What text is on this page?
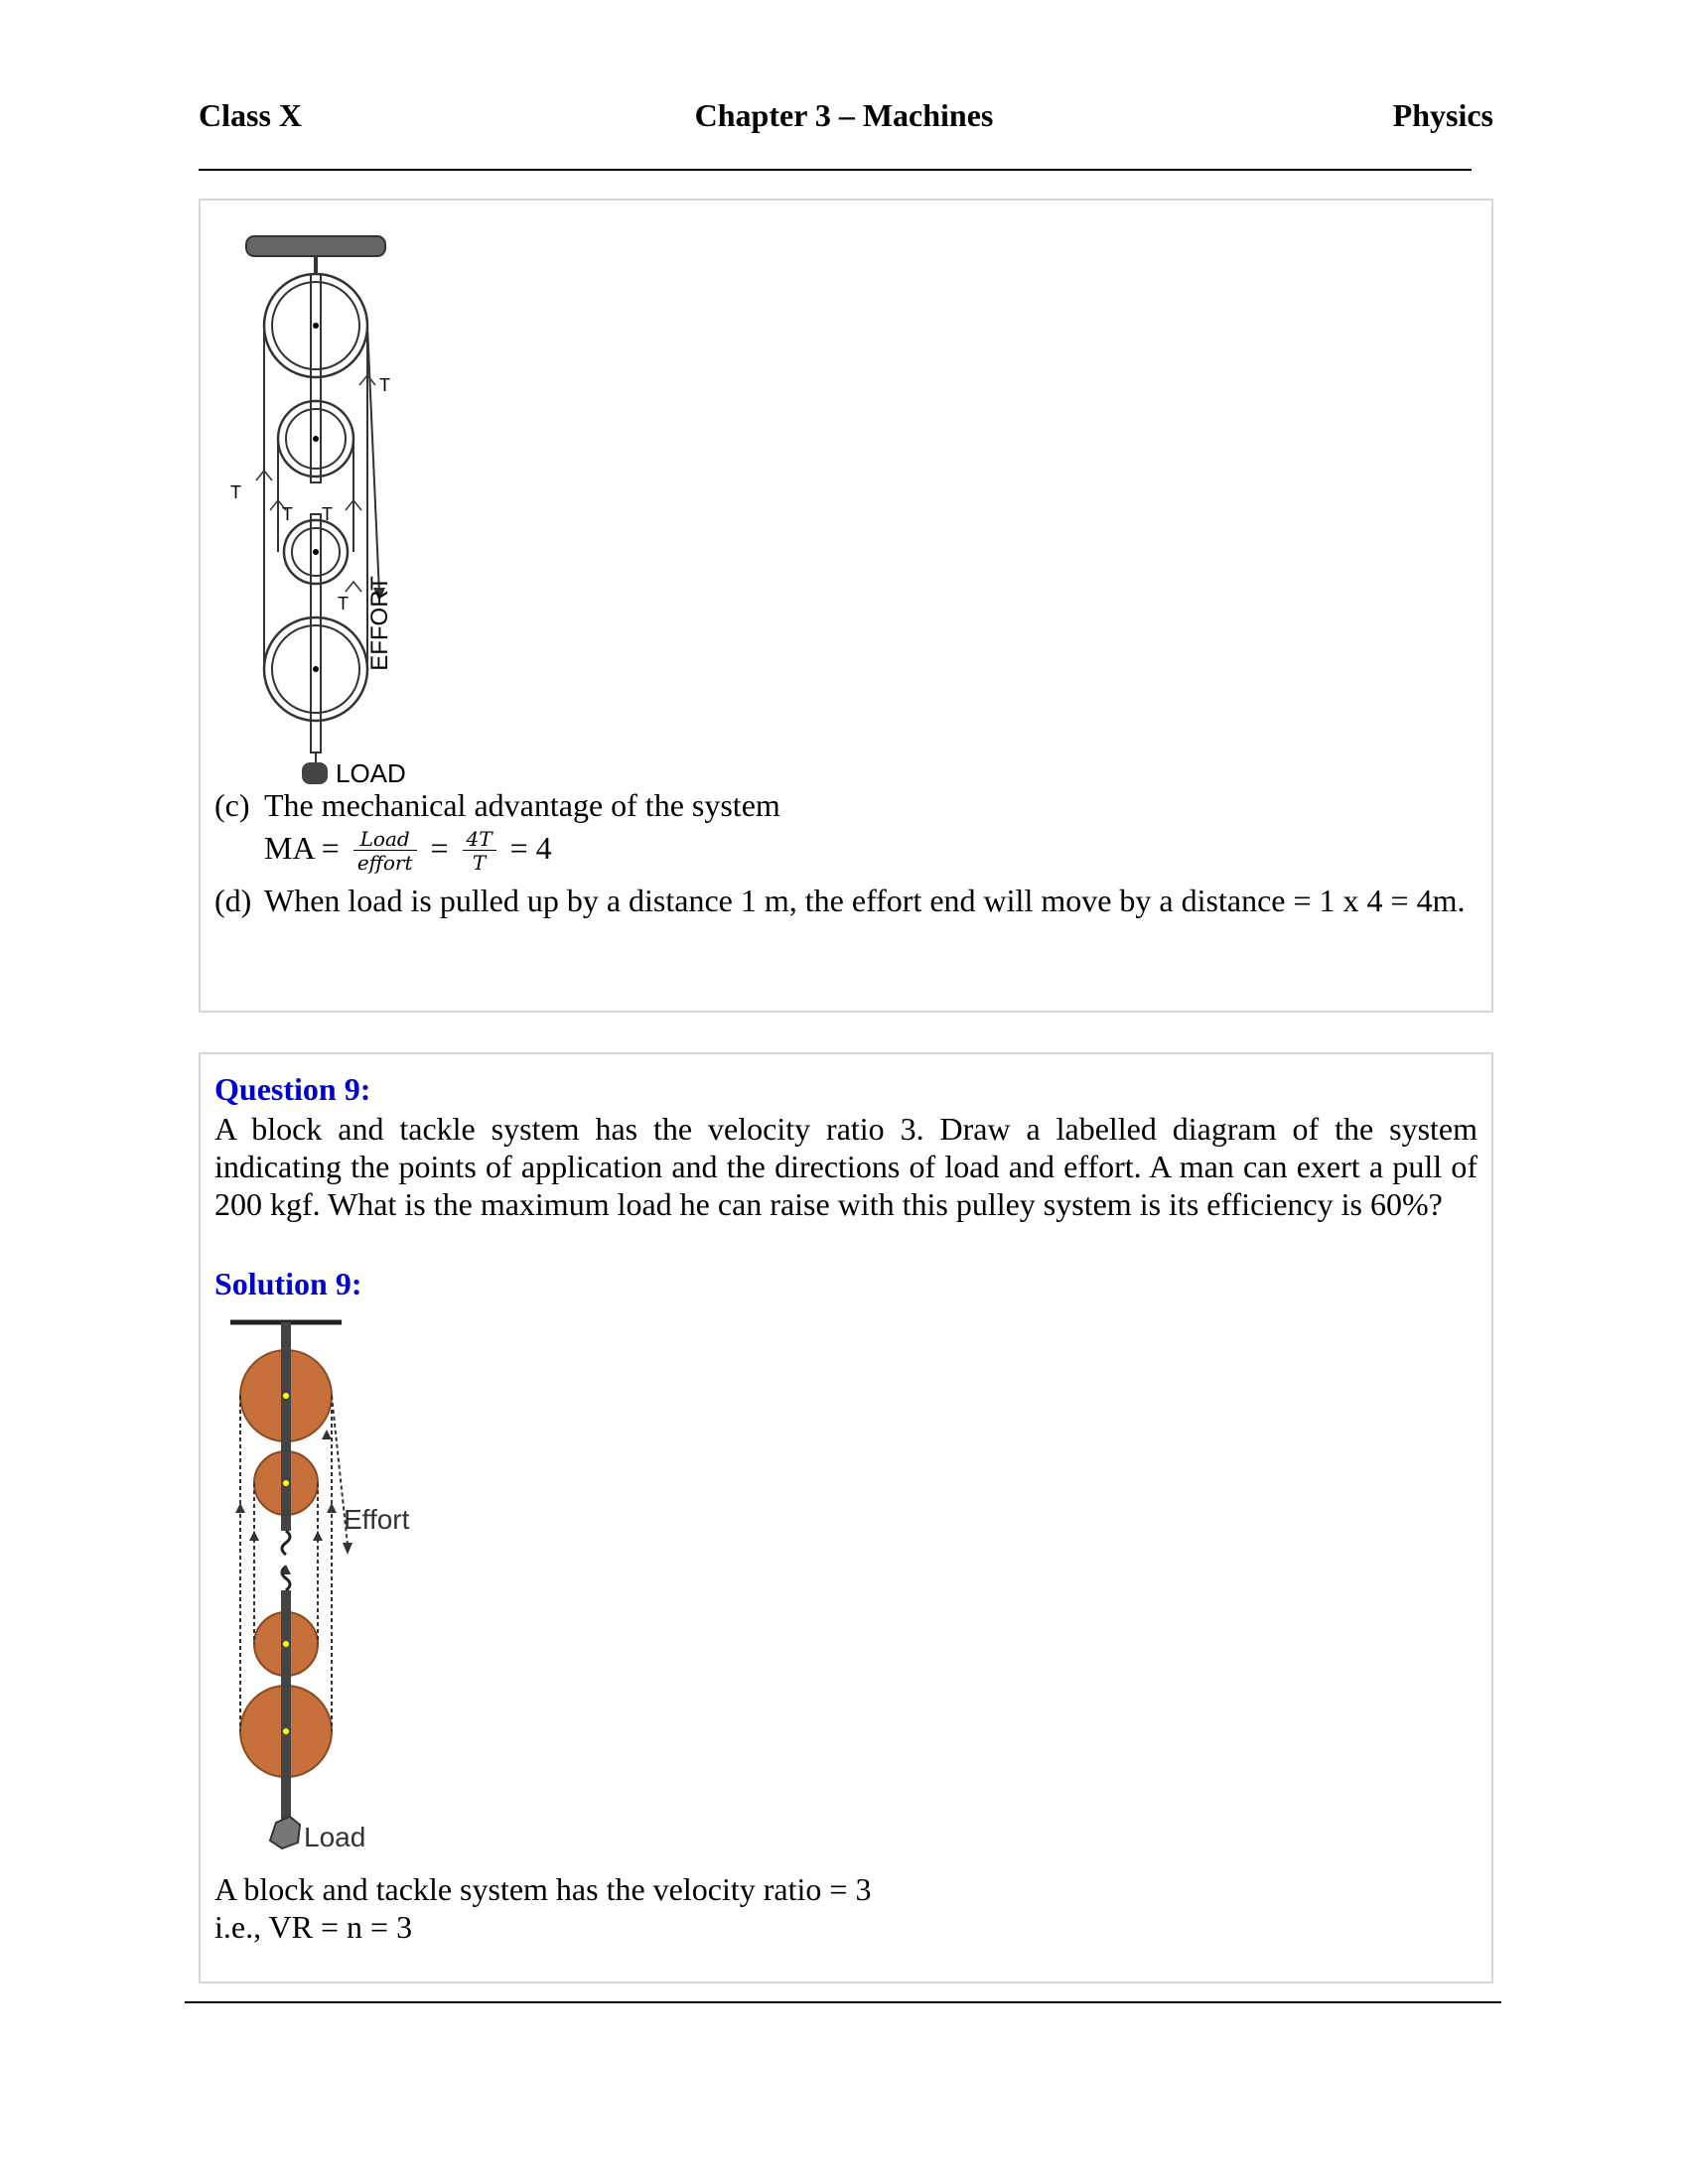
Class X	Chapter 3 – Machines	Physics
T
T
T T
T EFFORT
LOAD
(c) The mechanical advantage of the system
MA = $\frac{\text{Load}}{\text{effort}} = \frac{4T}{T} = 4$
(d) When load is pulled up by a distance 1 m, the effort end will move by a distance = 1 x 4 = 4m.
Question 9:
A block and tackle system has the velocity ratio 3. Draw a labelled diagram of the system indicating the points of application and the directions of load and effort. A man can exert a pull of 200 kgf. What is the maximum load he can raise with this pulley system is its efficiency is 60%?
Solution 9:
Effort
Load
A block and tackle system has the velocity ratio = 3
i.e., VR = n = 3
